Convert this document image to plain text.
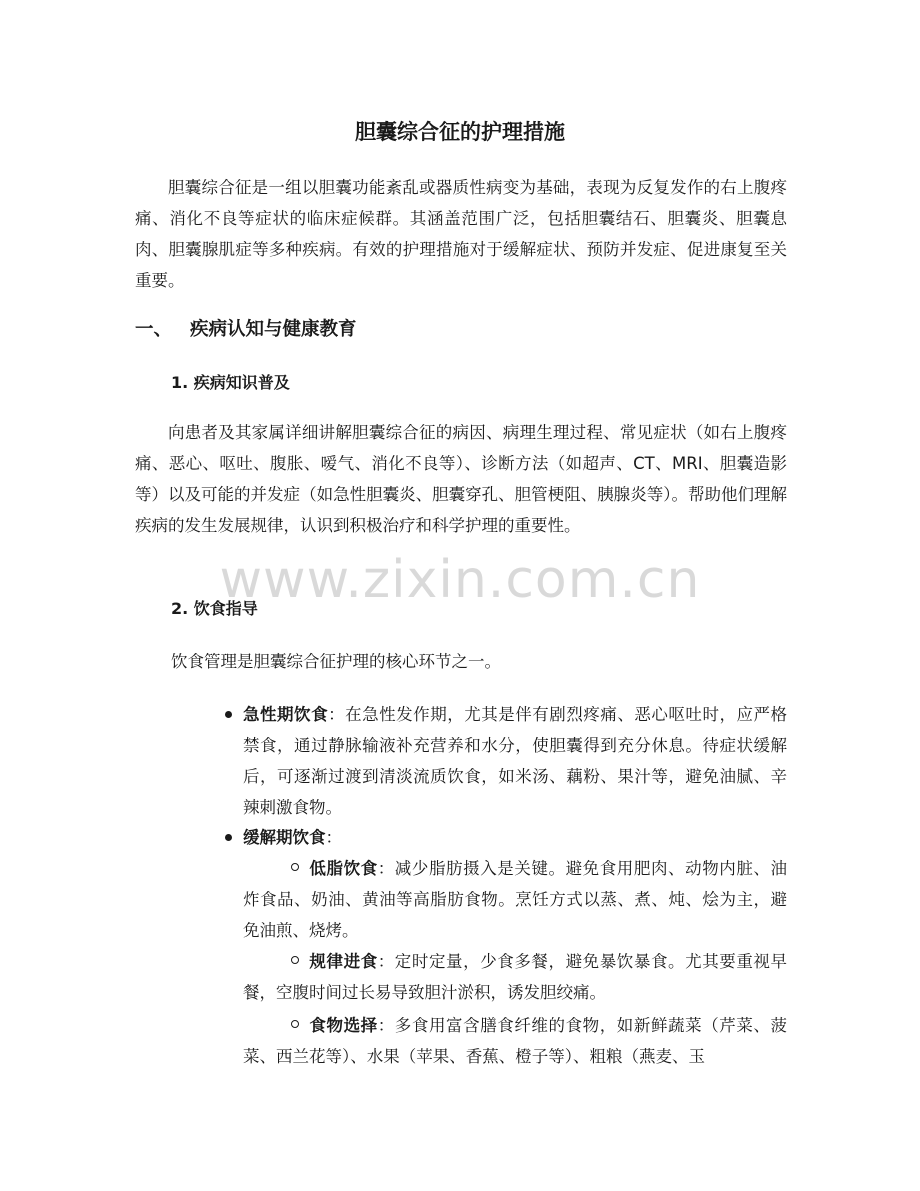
胆囊综合征的护理措施

胆囊综合征是一组以胆囊功能紊乱或器质性病变为基础，表现为反复发作的右上腹疼痛、消化不良等症状的临床症候群。其涵盖范围广泛，包括胆囊结石、胆囊炎、胆囊息肉、胆囊腺肌症等多种疾病。有效的护理措施对于缓解症状、预防并发症、促进康复至关重要。

一、 疾病认知与健康教育
1. 疾病知识普及

向患者及其家属详细讲解胆囊综合征的病因、病理生理过程、常见症状（如右上腹疼痛、恶心、呕吐、腹胀、嗳气、消化不良等）、诊断方法（如超声、CT、MRI、胆囊造影等）以及可能的并发症（如急性胆囊炎、胆囊穿孔、胆管梗阻、胰腺炎等）。帮助他们理解疾病的发生发展规律，认识到积极治疗和科学护理的重要性。

2. 饮食指导

饮食管理是胆囊综合征护理的核心环节之一。

急性期饮食：在急性发作期，尤其是伴有剧烈疼痛、恶心呕吐时，应严格禁食，通过静脉输液补充营养和水分，使胆囊得到充分休息。待症状缓解后，可逐渐过渡到清淡流质饮食，如米汤、藕粉、果汁等，避免油腻、辛辣刺激食物。

缓解期饮食：

低脂饮食：减少脂肪摄入是关键。避免食用肥肉、动物内脏、油炸食品、奶油、黄油等高脂肪食物。烹饪方式以蒸、煮、炖、烩为主，避免油煎、烧烤。

规律进食：定时定量，少食多餐，避免暴饮暴食。尤其要重视早餐，空腹时间过长易导致胆汁淤积，诱发胆绞痛。

食物选择：多食用富含膳食纤维的食物，如新鲜蔬菜（芹菜、菠菜、西兰花等）、水果（苹果、香蕉、橙子等）、粗粮（燕麦、玉

www.zixin.com.cn
